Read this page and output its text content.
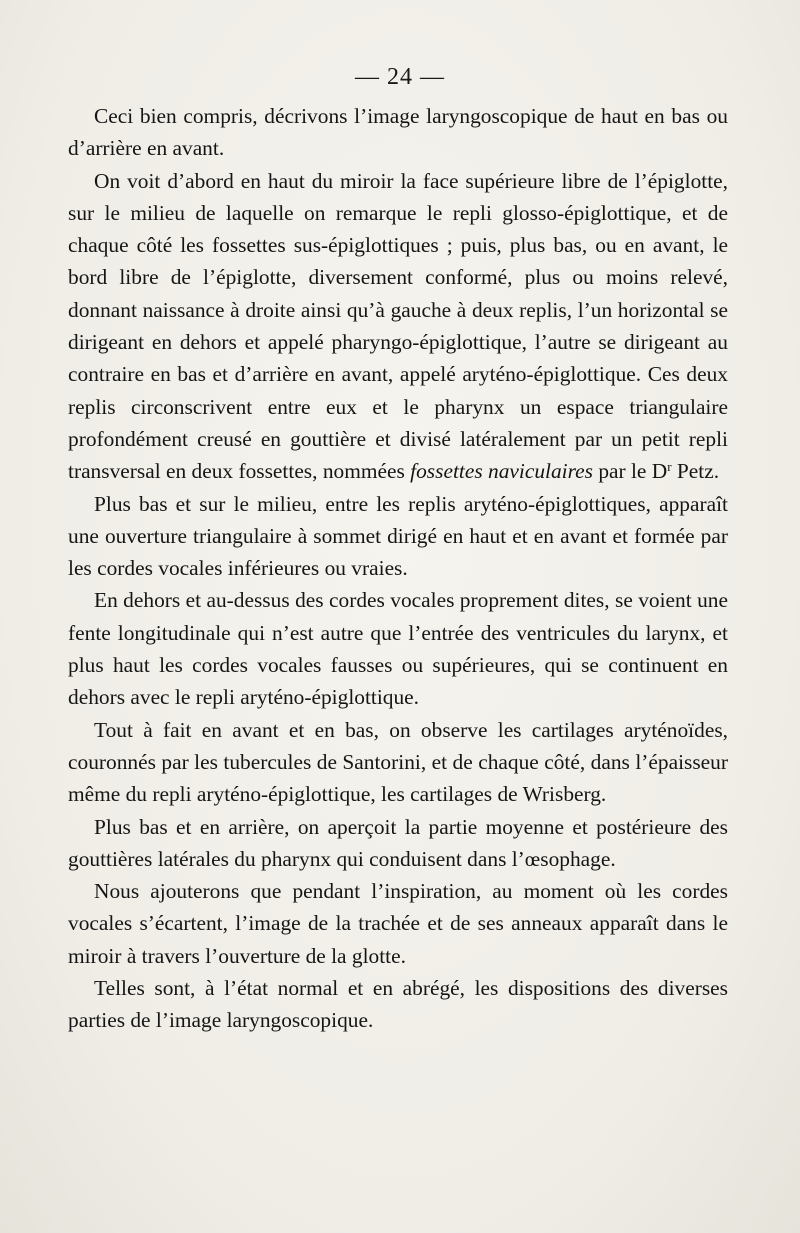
— 24 —

Ceci bien compris, décrivons l’image laryngoscopique de haut en bas ou d’arrière en avant.

On voit d’abord en haut du miroir la face supérieure libre de l’épiglotte, sur le milieu de laquelle on remarque le repli glosso-épiglottique, et de chaque côté les fossettes sus-épiglottiques ; puis, plus bas, ou en avant, le bord libre de l’épiglotte, diversement conformé, plus ou moins relevé, donnant naissance à droite ainsi qu’à gauche à deux replis, l’un horizontal se dirigeant en dehors et appelé pharyngo-épiglottique, l’autre se dirigeant au contraire en bas et d’arrière en avant, appelé aryténo-épiglottique. Ces deux replis circonscrivent entre eux et le pharynx un espace triangulaire profondément creusé en gouttière et divisé latéralement par un petit repli transversal en deux fossettes, nommées fossettes naviculaires par le $D^r$ Petz.

Plus bas et sur le milieu, entre les replis aryténo-épiglottiques, apparaît une ouverture triangulaire à sommet dirigé en haut et en avant et formée par les cordes vocales inférieures ou vraies.

En dehors et au-dessus des cordes vocales proprement dites, se voient une fente longitudinale qui n’est autre que l’entrée des ventricules du larynx, et plus haut les cordes vocales fausses ou supérieures, qui se continuent en dehors avec le repli aryténo-épiglottique.

Tout à fait en avant et en bas, on observe les cartilages aryténoïdes, couronnés par les tubercules de Santorini, et de chaque côté, dans l’épaisseur même du repli aryténo-épiglottique, les cartilages de Wrisberg.

Plus bas et en arrière, on aperçoit la partie moyenne et postérieure des gouttières latérales du pharynx qui conduisent dans l’œsophage.

Nous ajouterons que pendant l’inspiration, au moment où les cordes vocales s’écartent, l’image de la trachée et de ses anneaux apparaît dans le miroir à travers l’ouverture de la glotte.

Telles sont, à l’état normal et en abrégé, les dispositions des diverses parties de l’image laryngoscopique.
